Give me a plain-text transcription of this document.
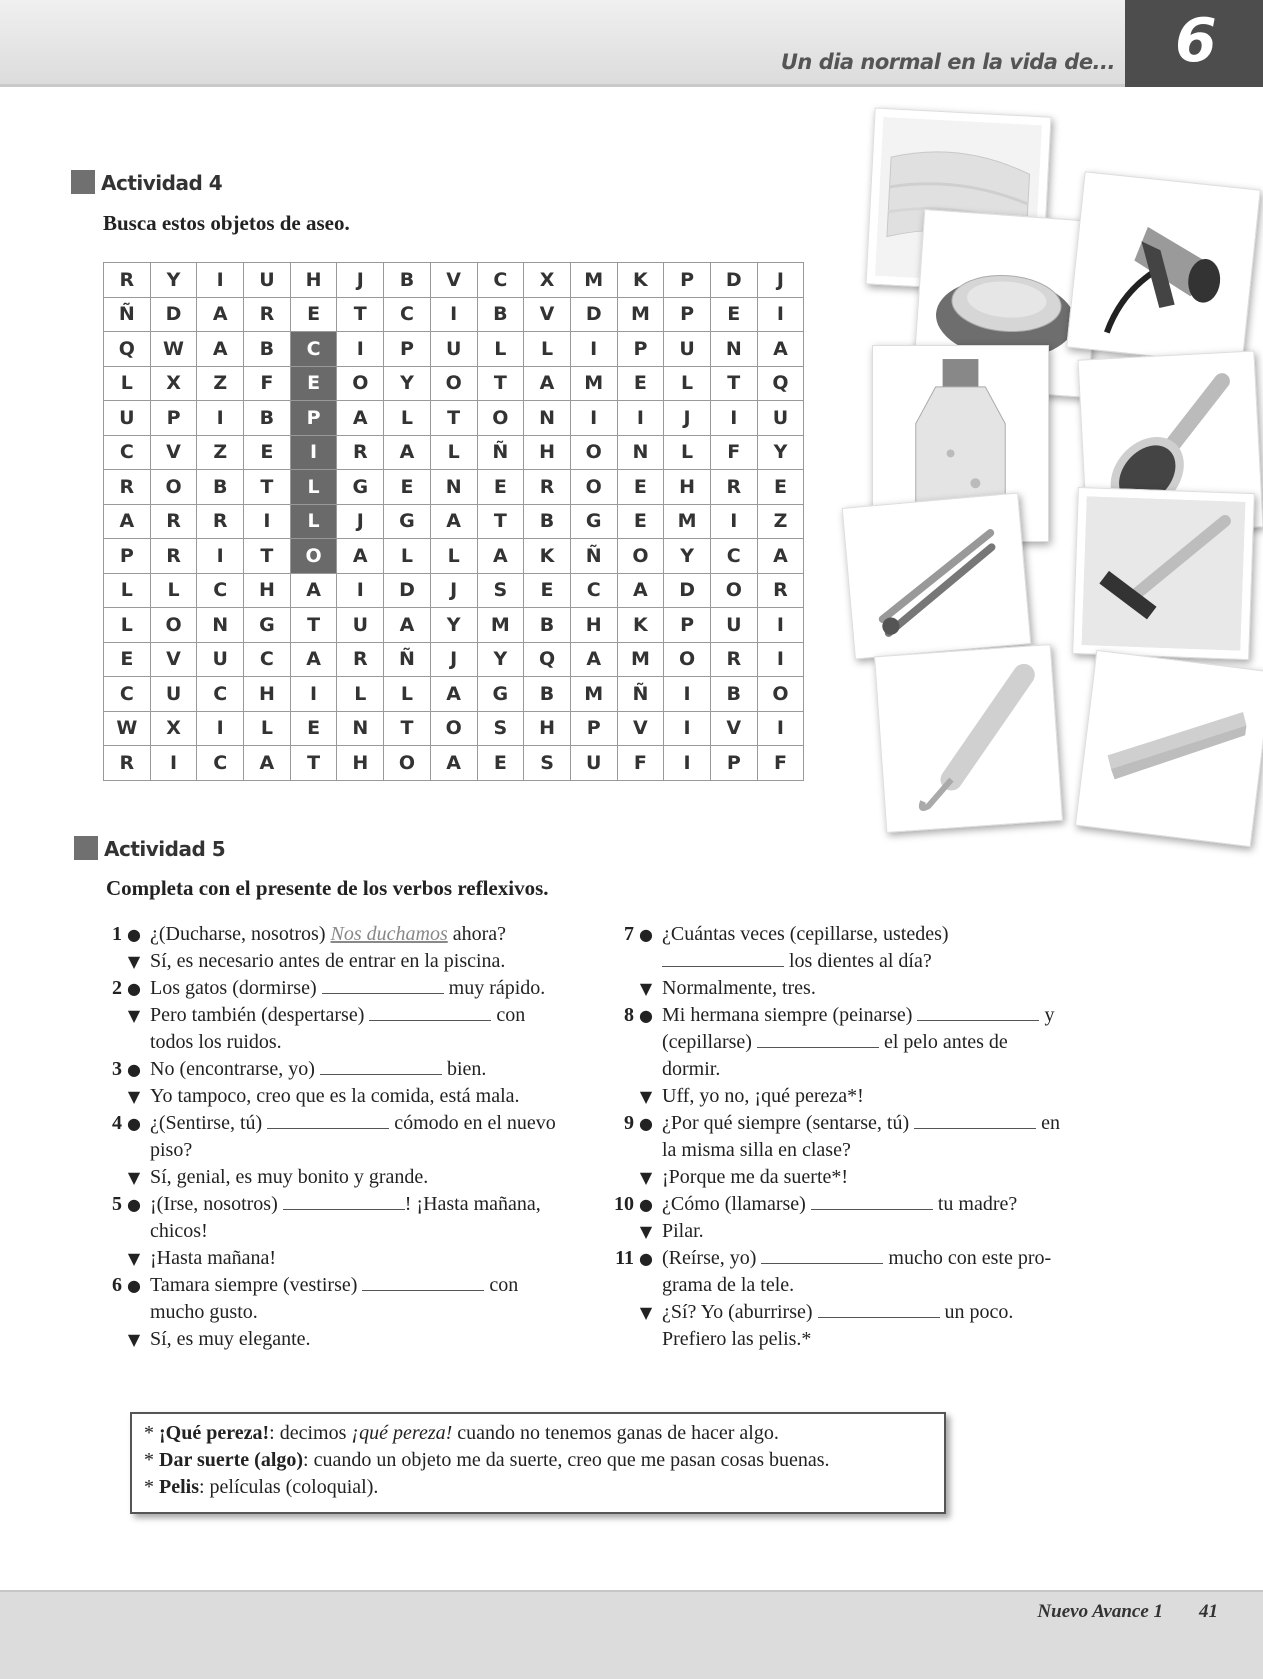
Un dia normal en la vida de... 6
Actividad 4
Busca estos objetos de aseo.
R	Y	I	U	H	J	B	V	C	X	M	K	P	D	J
Ñ	D	A	R	E	T	C	I	B	V	D	M	P	E	I
Q	W	A	B	C	I	P	U	L	L	I	P	U	N	A
L	X	Z	F	E	O	Y	O	T	A	M	E	L	T	Q
U	P	I	B	P	A	L	T	O	N	I	I	J	I	U
C	V	Z	E	I	R	A	L	Ñ	H	O	N	L	F	Y
R	O	B	T	L	G	E	N	E	R	O	E	H	R	E
A	R	R	I	L	J	G	A	T	B	G	E	M	I	Z
P	R	I	T	O	A	L	L	A	K	Ñ	O	Y	C	A
L	L	C	H	A	I	D	J	S	E	C	A	D	O	R
L	O	N	G	T	U	A	Y	M	B	H	K	P	U	I
E	V	U	C	A	R	Ñ	J	Y	Q	A	M	O	R	I
C	U	C	H	I	L	L	A	G	B	M	Ñ	I	B	O
W	X	I	L	E	N	T	O	S	H	P	V	I	V	I
R	I	C	A	T	H	O	A	E	S	U	F	I	P	F
Actividad 5
Completa con el presente de los verbos reflexivos.
1 ● ¿(Ducharse, nosotros) Nos duchamos ahora?
▼ Sí, es necesario antes de entrar en la piscina.
2 ● Los gatos (dormirse)	muy rápido.
▼ Pero también (despertarse)	con
todos los ruidos.
3 ● No (encontrarse, yo)	bien.
▼ Yo tampoco, creo que es la comida, está mala.
4 ● ¿(Sentirse, tú)	cómodo en el nuevo
piso?
▼ Sí, genial, es muy bonito y grande.
5 ● ¡(Irse, nosotros)	! ¡Hasta mañana,
chicos!
▼ ¡Hasta mañana!
6 ● Tamara siempre (vestirse)	con
mucho gusto.
▼ Sí, es muy elegante.
7 ● ¿Cuántas veces (cepillarse, ustedes)
los dientes al día?
▼ Normalmente, tres.
8 ● Mi hermana siempre (peinarse)	y
(cepillarse)	el pelo antes de
dormir.
▼ Uff, yo no, ¡qué pereza*!
9 ● ¿Por qué siempre (sentarse, tú)	en
la misma silla en clase?
▼ ¡Porque me da suerte*!
10 ● ¿Cómo (llamarse)	tu madre?
▼ Pilar.
11 ● (Reírse, yo)	mucho con este pro-
grama de la tele.
▼ ¿Sí? Yo (aburrirse)	un poco.
Prefiero las pelis.*
* ¡Qué pereza!: decimos ¡qué pereza! cuando no tenemos ganas de hacer algo.
* Dar suerte (algo): cuando un objeto me da suerte, creo que me pasan cosas buenas.
* Pelis: películas (coloquial).
Nuevo Avance 1 41
